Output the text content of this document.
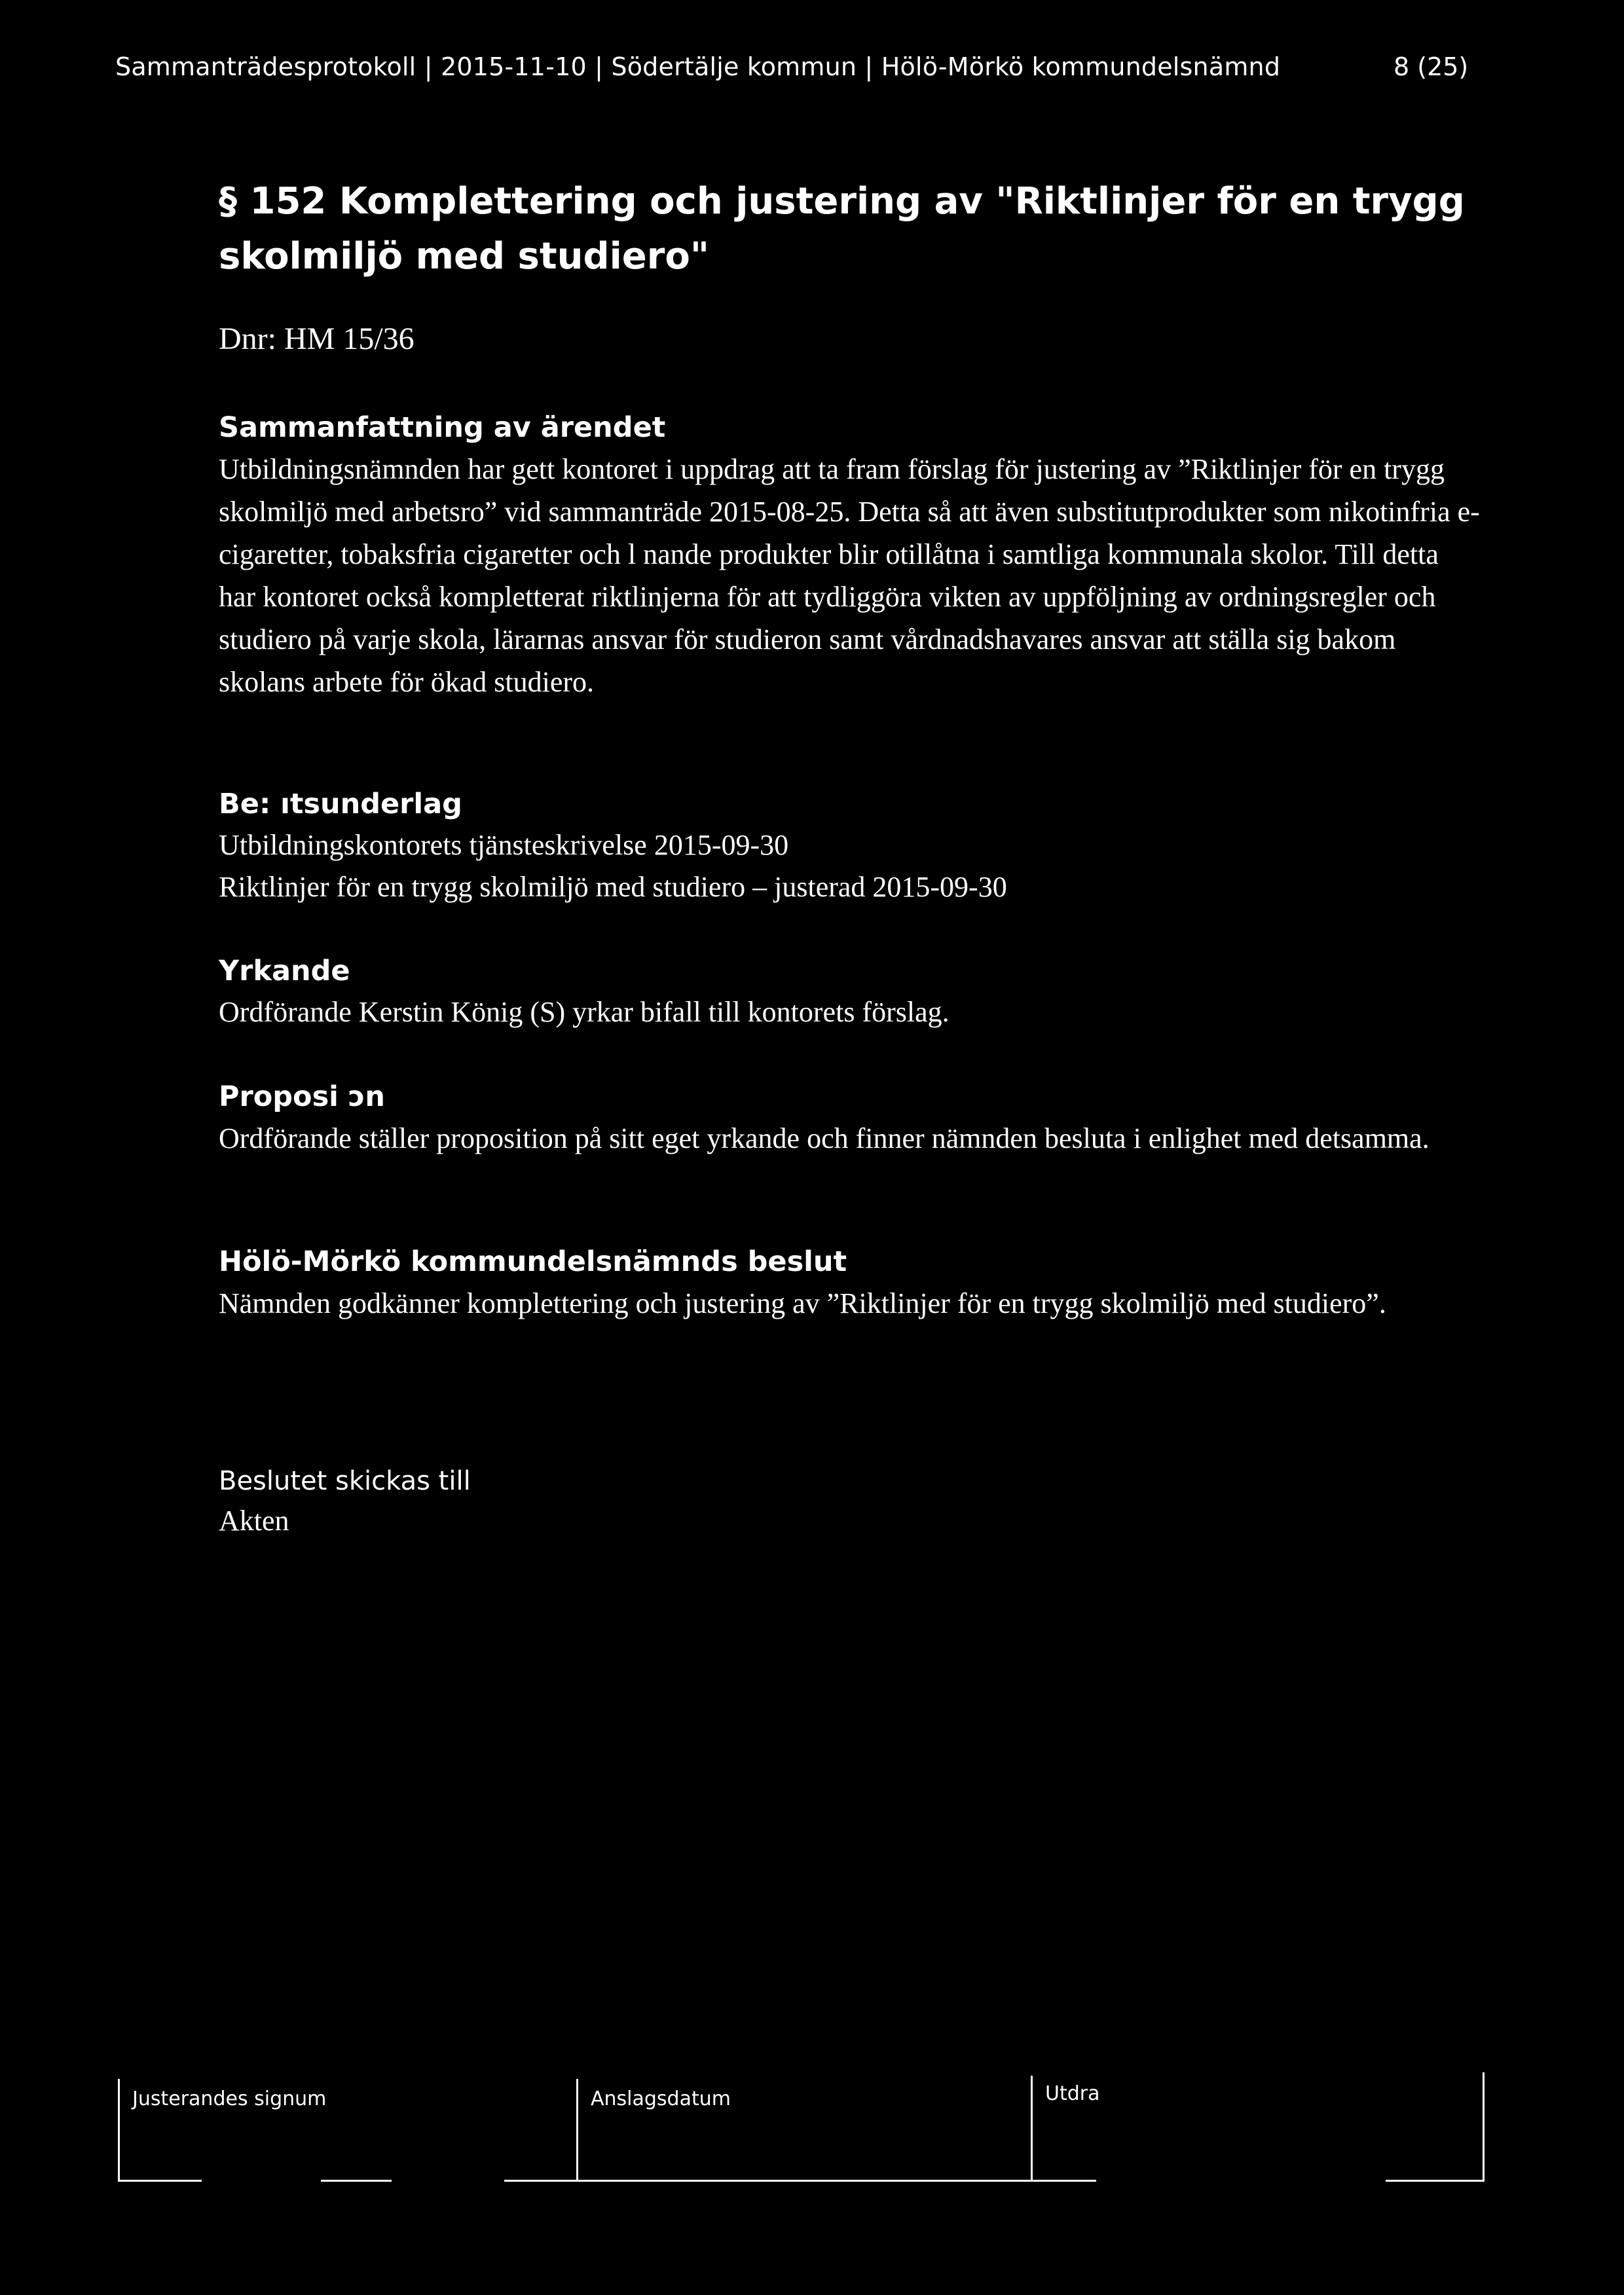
Sammanträdesprotokoll | 2015-11-10 | Södertälje kommun | Hölö-Mörkö kommundelsnämnd	8 (25)
§ 152 Komplettering och justering av "Riktlinjer för en trygg skolmiljö med studiero"
Dnr: HM 15/36
Sammanfattning av ärendet

Utbildningsnämnden har gett kontoret i uppdrag att ta fram förslag för justering av ”Riktlinjer för en trygg skolmiljö med arbetsro” vid sammanträde 2015-08-25. Detta så att även substitutprodukter som nikotinfria e-cigaretter, tobaksfria cigaretter och l nande produkter blir otillåtna i samtliga kommunala skolor. Till detta har kontoret också kompletterat riktlinjerna för att tydliggöra vikten av uppföljning av ordningsregler och studiero på varje skola, lärarnas ansvar för studieron samt vårdnadshavares ansvar att ställa sig bakom skolans arbete för ökad studiero.

Be: ıtsunderlag
Utbildningskontorets tjänsteskrivelse 2015-09-30
Riktlinjer för en trygg skolmiljö med studiero – justerad 2015-09-30
Yrkande
Ordförande Kerstin König (S) yrkar bifall till kontorets förslag.
Proposi ɔn

Ordförande ställer proposition på sitt eget yrkande och finner nämnden besluta i enlighet med detsamma.

Hölö-Mörkö kommundelsnämnds beslut

Nämnden godkänner komplettering och justering av ”Riktlinjer för en trygg skolmiljö med studiero”.

Beslutet skickas till
Akten
Justerandes signum	Anslagsdatum	Utdra
